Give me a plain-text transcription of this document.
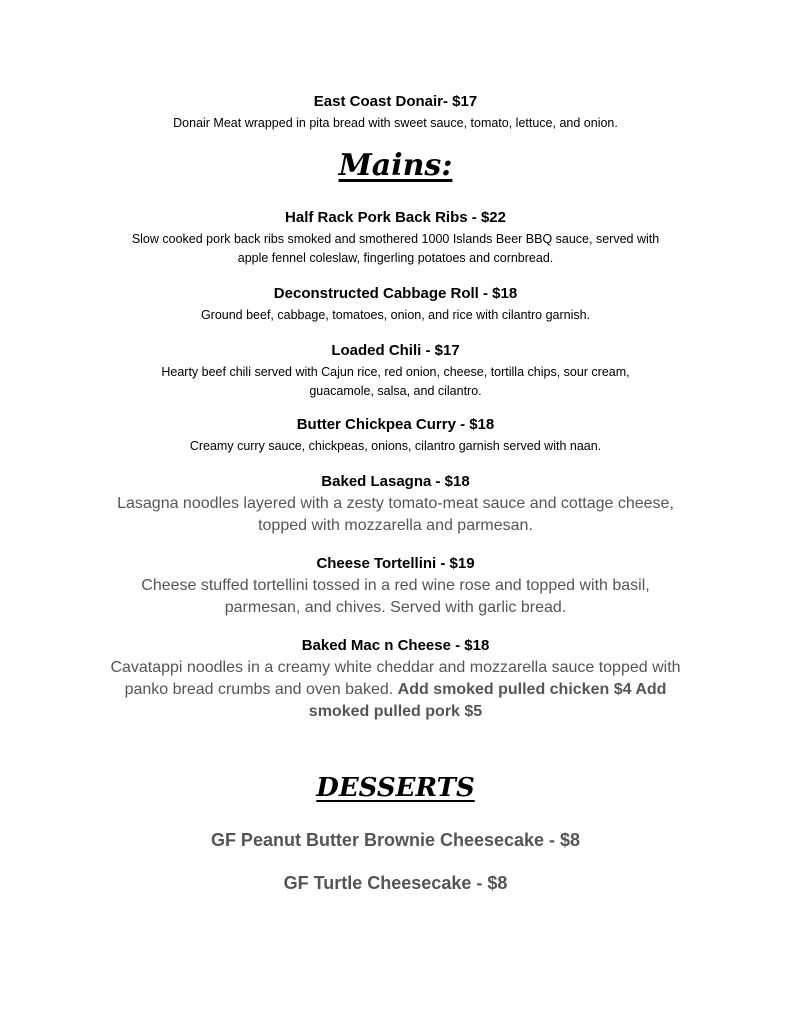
East Coast Donair- $17

Donair Meat wrapped in pita bread with sweet sauce, tomato, lettuce, and onion.

Mains:

Half Rack Pork Back Ribs - $22

Slow cooked pork back ribs smoked and smothered 1000 Islands Beer BBQ sauce, served with

apple fennel coleslaw, fingerling potatoes and cornbread.

Deconstructed Cabbage Roll - $18

Ground beef, cabbage, tomatoes, onion, and rice with cilantro garnish.

Loaded Chili - $17

Hearty beef chili served with Cajun rice, red onion, cheese, tortilla chips, sour cream,

guacamole, salsa, and cilantro.

Butter Chickpea Curry - $18

Creamy curry sauce, chickpeas, onions, cilantro garnish served with naan.

Baked Lasagna - $18

Lasagna noodles layered with a zesty tomato-meat sauce and cottage cheese,

topped with mozzarella and parmesan.

Cheese Tortellini - $19

Cheese stuffed tortellini tossed in a red wine rose and topped with basil,

parmesan, and chives. Served with garlic bread.

Baked Mac n Cheese - $18

Cavatappi noodles in a creamy white cheddar and mozzarella sauce topped with

panko bread crumbs and oven baked. Add smoked pulled chicken $4 Add

smoked pulled pork $5

DESSERTS

GF Peanut Butter Brownie Cheesecake - $8

GF Turtle Cheesecake - $8
